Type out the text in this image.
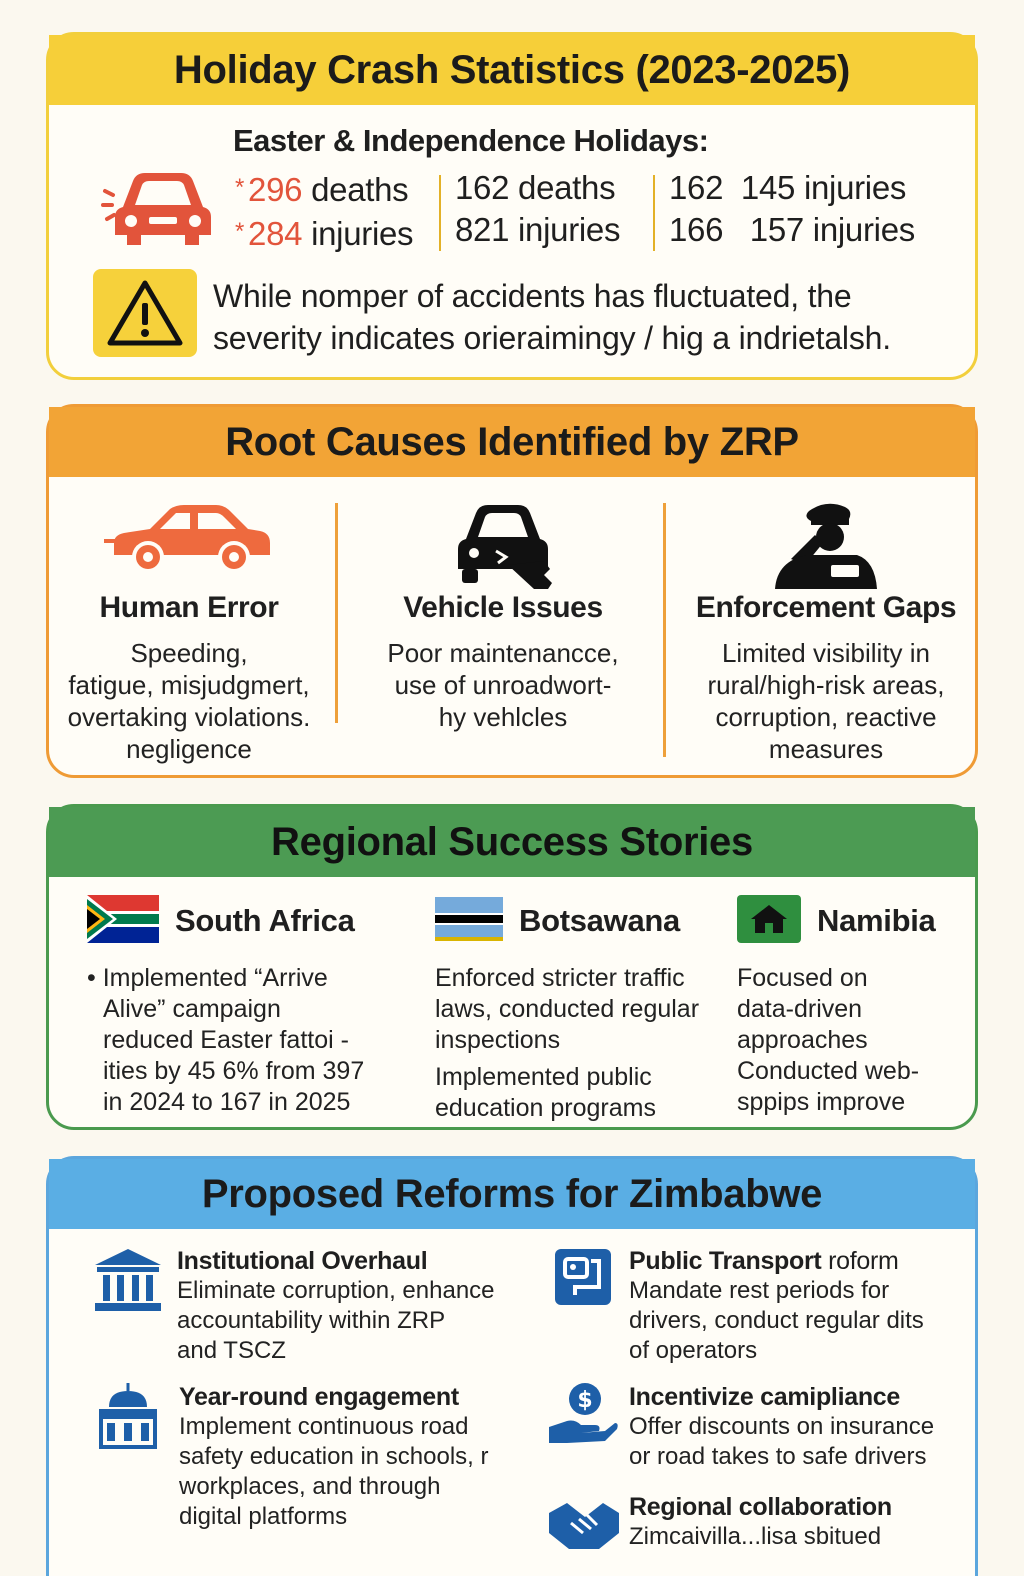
Holiday Crash Statistics (2023-2025)
Easter & Independence Holidays:
* 296 deaths
* 284 injuries
162 deaths
821 injuries
162 145 injuries
166 157 injuries
While nomper of accidents has fluctuated, the
severity indicates orieraimingy / hig a indrietalsh.
Root Causes Identified by ZRP
Human Error
Speeding,
fatigue, misjudgmert,
overtaking violations.
negligence
Vehicle Issues
Poor maintenancce,
use of unroadwort-
hy vehlcles
Enforcement Gaps
Limited visibility in
rural/high-risk areas,
corruption, reactive
measures
Regional Success Stories
South Africa

• Implemented “Arrive

Alive” campaign

reduced Easter fattoi -

ities by 45 6% from 397

in 2024 to 167 in 2025

Botsawana

Enforced stricter traffic

laws, conducted regular

inspections

Implemented public

education programs

Namibia

Focused on

data-driven

approaches

Conducted web-

sppips improve

Proposed Reforms for Zimbabwe
Institutional Overhaul
Eliminate corruption, enhance
accountability within ZRP
and TSCZ
Public Transport roform
Mandate rest periods for
drivers, conduct regular dits
of operators
Year-round engagement
Implement continuous road
safety education in schools, r
workplaces, and through
digital platforms
$ Incentivize camipliance
Offer discounts on insurance
or road takes to safe drivers
Regional collaboration
Zimcaivilla...lisa sbitued
